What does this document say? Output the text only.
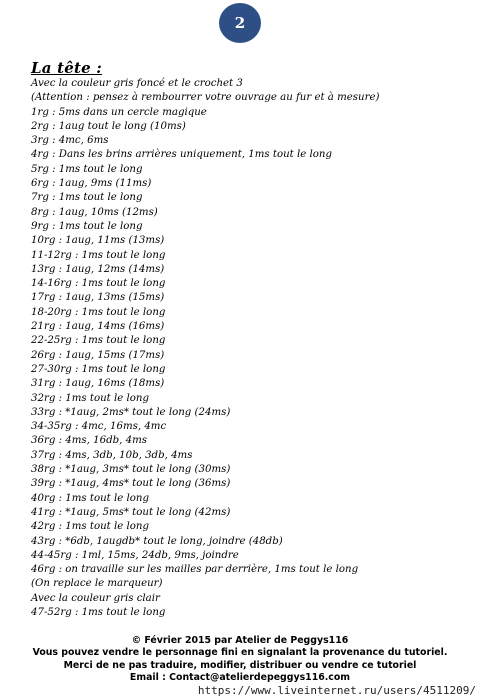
2
La tête :
Avec la couleur gris foncé et le crochet 3
(Attention : pensez à rembourrer votre ouvrage au fur et à mesure)
1rg : 5ms dans un cercle magique
2rg : 1aug tout le long (10ms)
3rg : 4mc, 6ms
4rg : Dans les brins arrières uniquement, 1ms tout le long
5rg : 1ms tout le long
6rg : 1aug, 9ms (11ms)
7rg : 1ms tout le long
8rg : 1aug, 10ms (12ms)
9rg : 1ms tout le long
10rg : 1aug, 11ms (13ms)
11-12rg : 1ms tout le long
13rg : 1aug, 12ms (14ms)
14-16rg : 1ms tout le long
17rg : 1aug, 13ms (15ms)
18-20rg : 1ms tout le long
21rg : 1aug, 14ms (16ms)
22-25rg : 1ms tout le long
26rg : 1aug, 15ms (17ms)
27-30rg : 1ms tout le long
31rg : 1aug, 16ms (18ms)
32rg : 1ms tout le long
33rg : *1aug, 2ms* tout le long (24ms)
34-35rg : 4mc, 16ms, 4mc
36rg : 4ms, 16db, 4ms
37rg : 4ms, 3db, 10b, 3db, 4ms
38rg : *1aug, 3ms* tout le long (30ms)
39rg : *1aug, 4ms* tout le long (36ms)
40rg : 1ms tout le long
41rg : *1aug, 5ms* tout le long (42ms)
42rg : 1ms tout le long
43rg : *6db, 1augdb* tout le long, joindre (48db)
44-45rg : 1ml, 15ms, 24db, 9ms, joindre
46rg : on travaille sur les mailles par derrière, 1ms tout le long
(On replace le marqueur)
Avec la couleur gris clair
47-52rg : 1ms tout le long
© Février 2015 par Atelier de Peggys116
Vous pouvez vendre le personnage fini en signalant la provenance du tutoriel.
Merci de ne pas traduire, modifier, distribuer ou vendre ce tutoriel
Email : Contact@atelierdepeggys116.com
https://www.liveinternet.ru/users/4511209/
